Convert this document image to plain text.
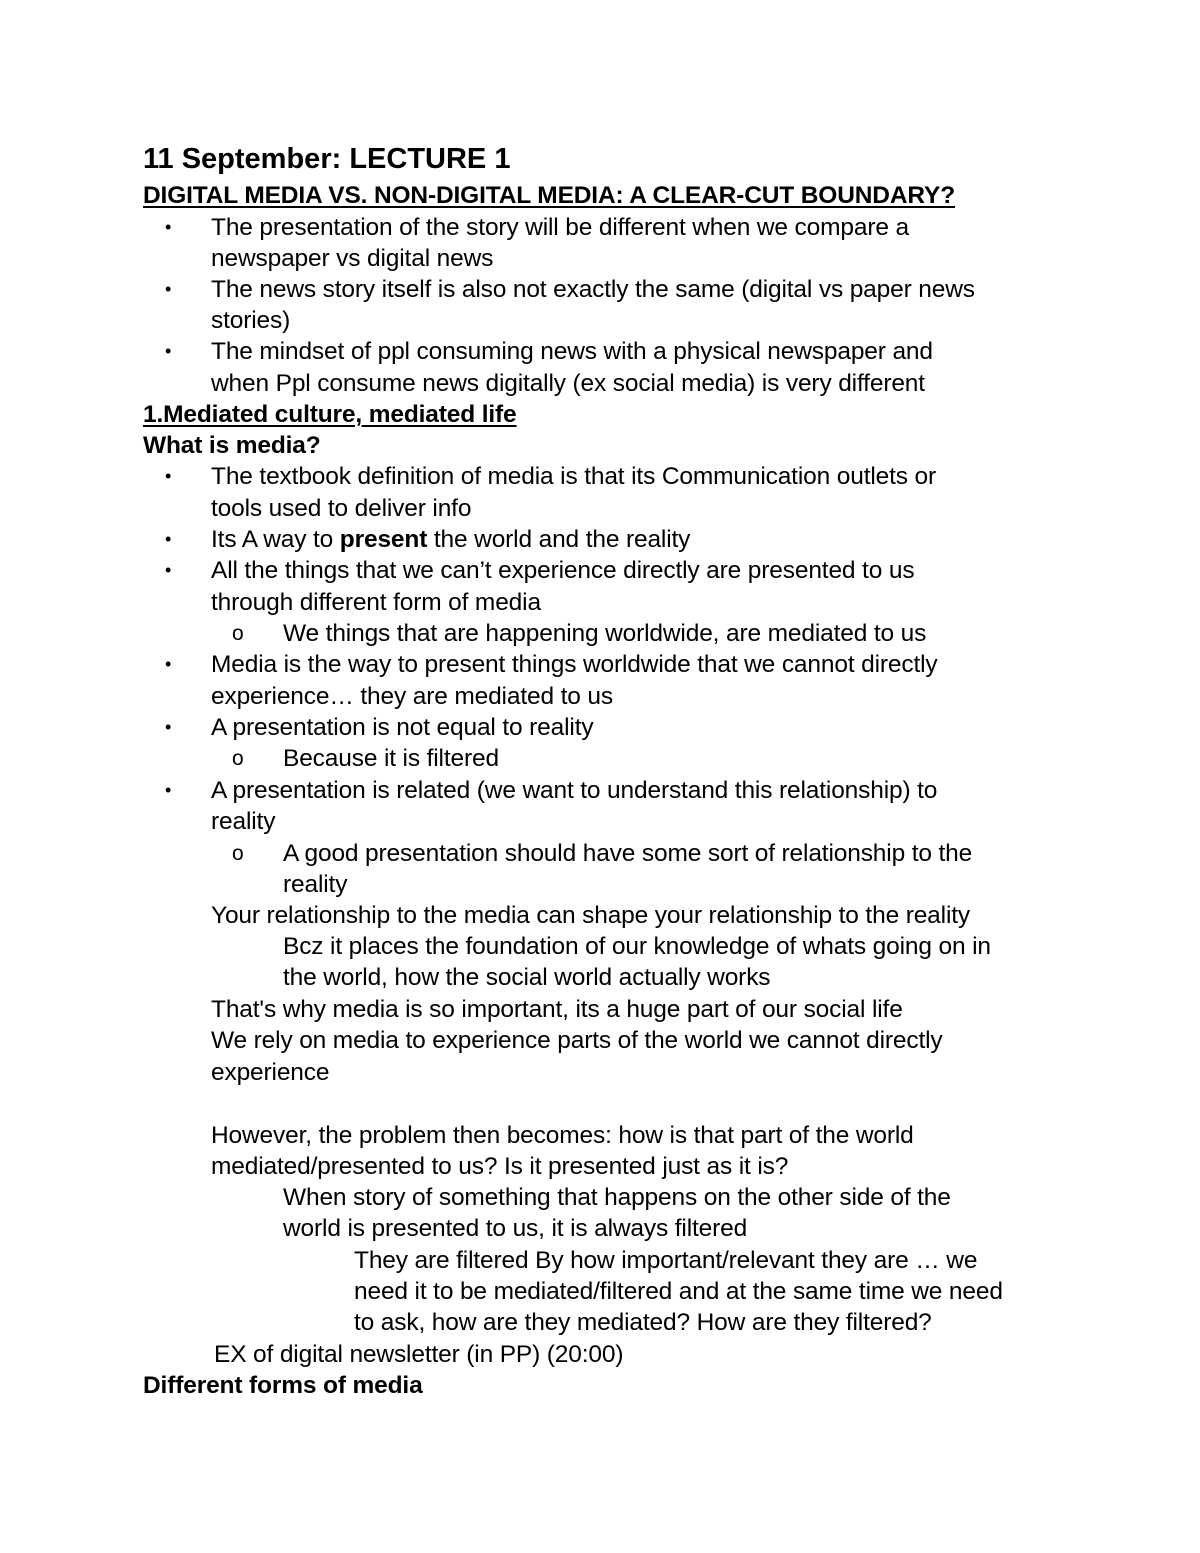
11 September: LECTURE 1
DIGITAL MEDIA VS. NON-DIGITAL MEDIA: A CLEAR-CUT BOUNDARY?
• The presentation of the story will be different when we compare a
newspaper vs digital news
• The news story itself is also not exactly the same (digital vs paper news
stories)
• The mindset of ppl consuming news with a physical newspaper and
when Ppl consume news digitally (ex social media) is very different
1.Mediated culture, mediated life
What is media?
• The textbook definition of media is that its Communication outlets or
tools used to deliver info
• Its A way to present the world and the reality
• All the things that we can’t experience directly are presented to us
through different form of media
o We things that are happening worldwide, are mediated to us
• Media is the way to present things worldwide that we cannot directly
experience… they are mediated to us
• A presentation is not equal to reality
o Because it is filtered
• A presentation is related (we want to understand this relationship) to
reality
o A good presentation should have some sort of relationship to the
reality
Your relationship to the media can shape your relationship to the reality
Bcz it places the foundation of our knowledge of whats going on in
the world, how the social world actually works
That's why media is so important, its a huge part of our social life
We rely on media to experience parts of the world we cannot directly
experience
However, the problem then becomes: how is that part of the world
mediated/presented to us? Is it presented just as it is?
When story of something that happens on the other side of the
world is presented to us, it is always filtered
They are filtered By how important/relevant they are … we
need it to be mediated/filtered and at the same time we need
to ask, how are they mediated? How are they filtered?
EX of digital newsletter (in PP) (20:00)
Different forms of media
